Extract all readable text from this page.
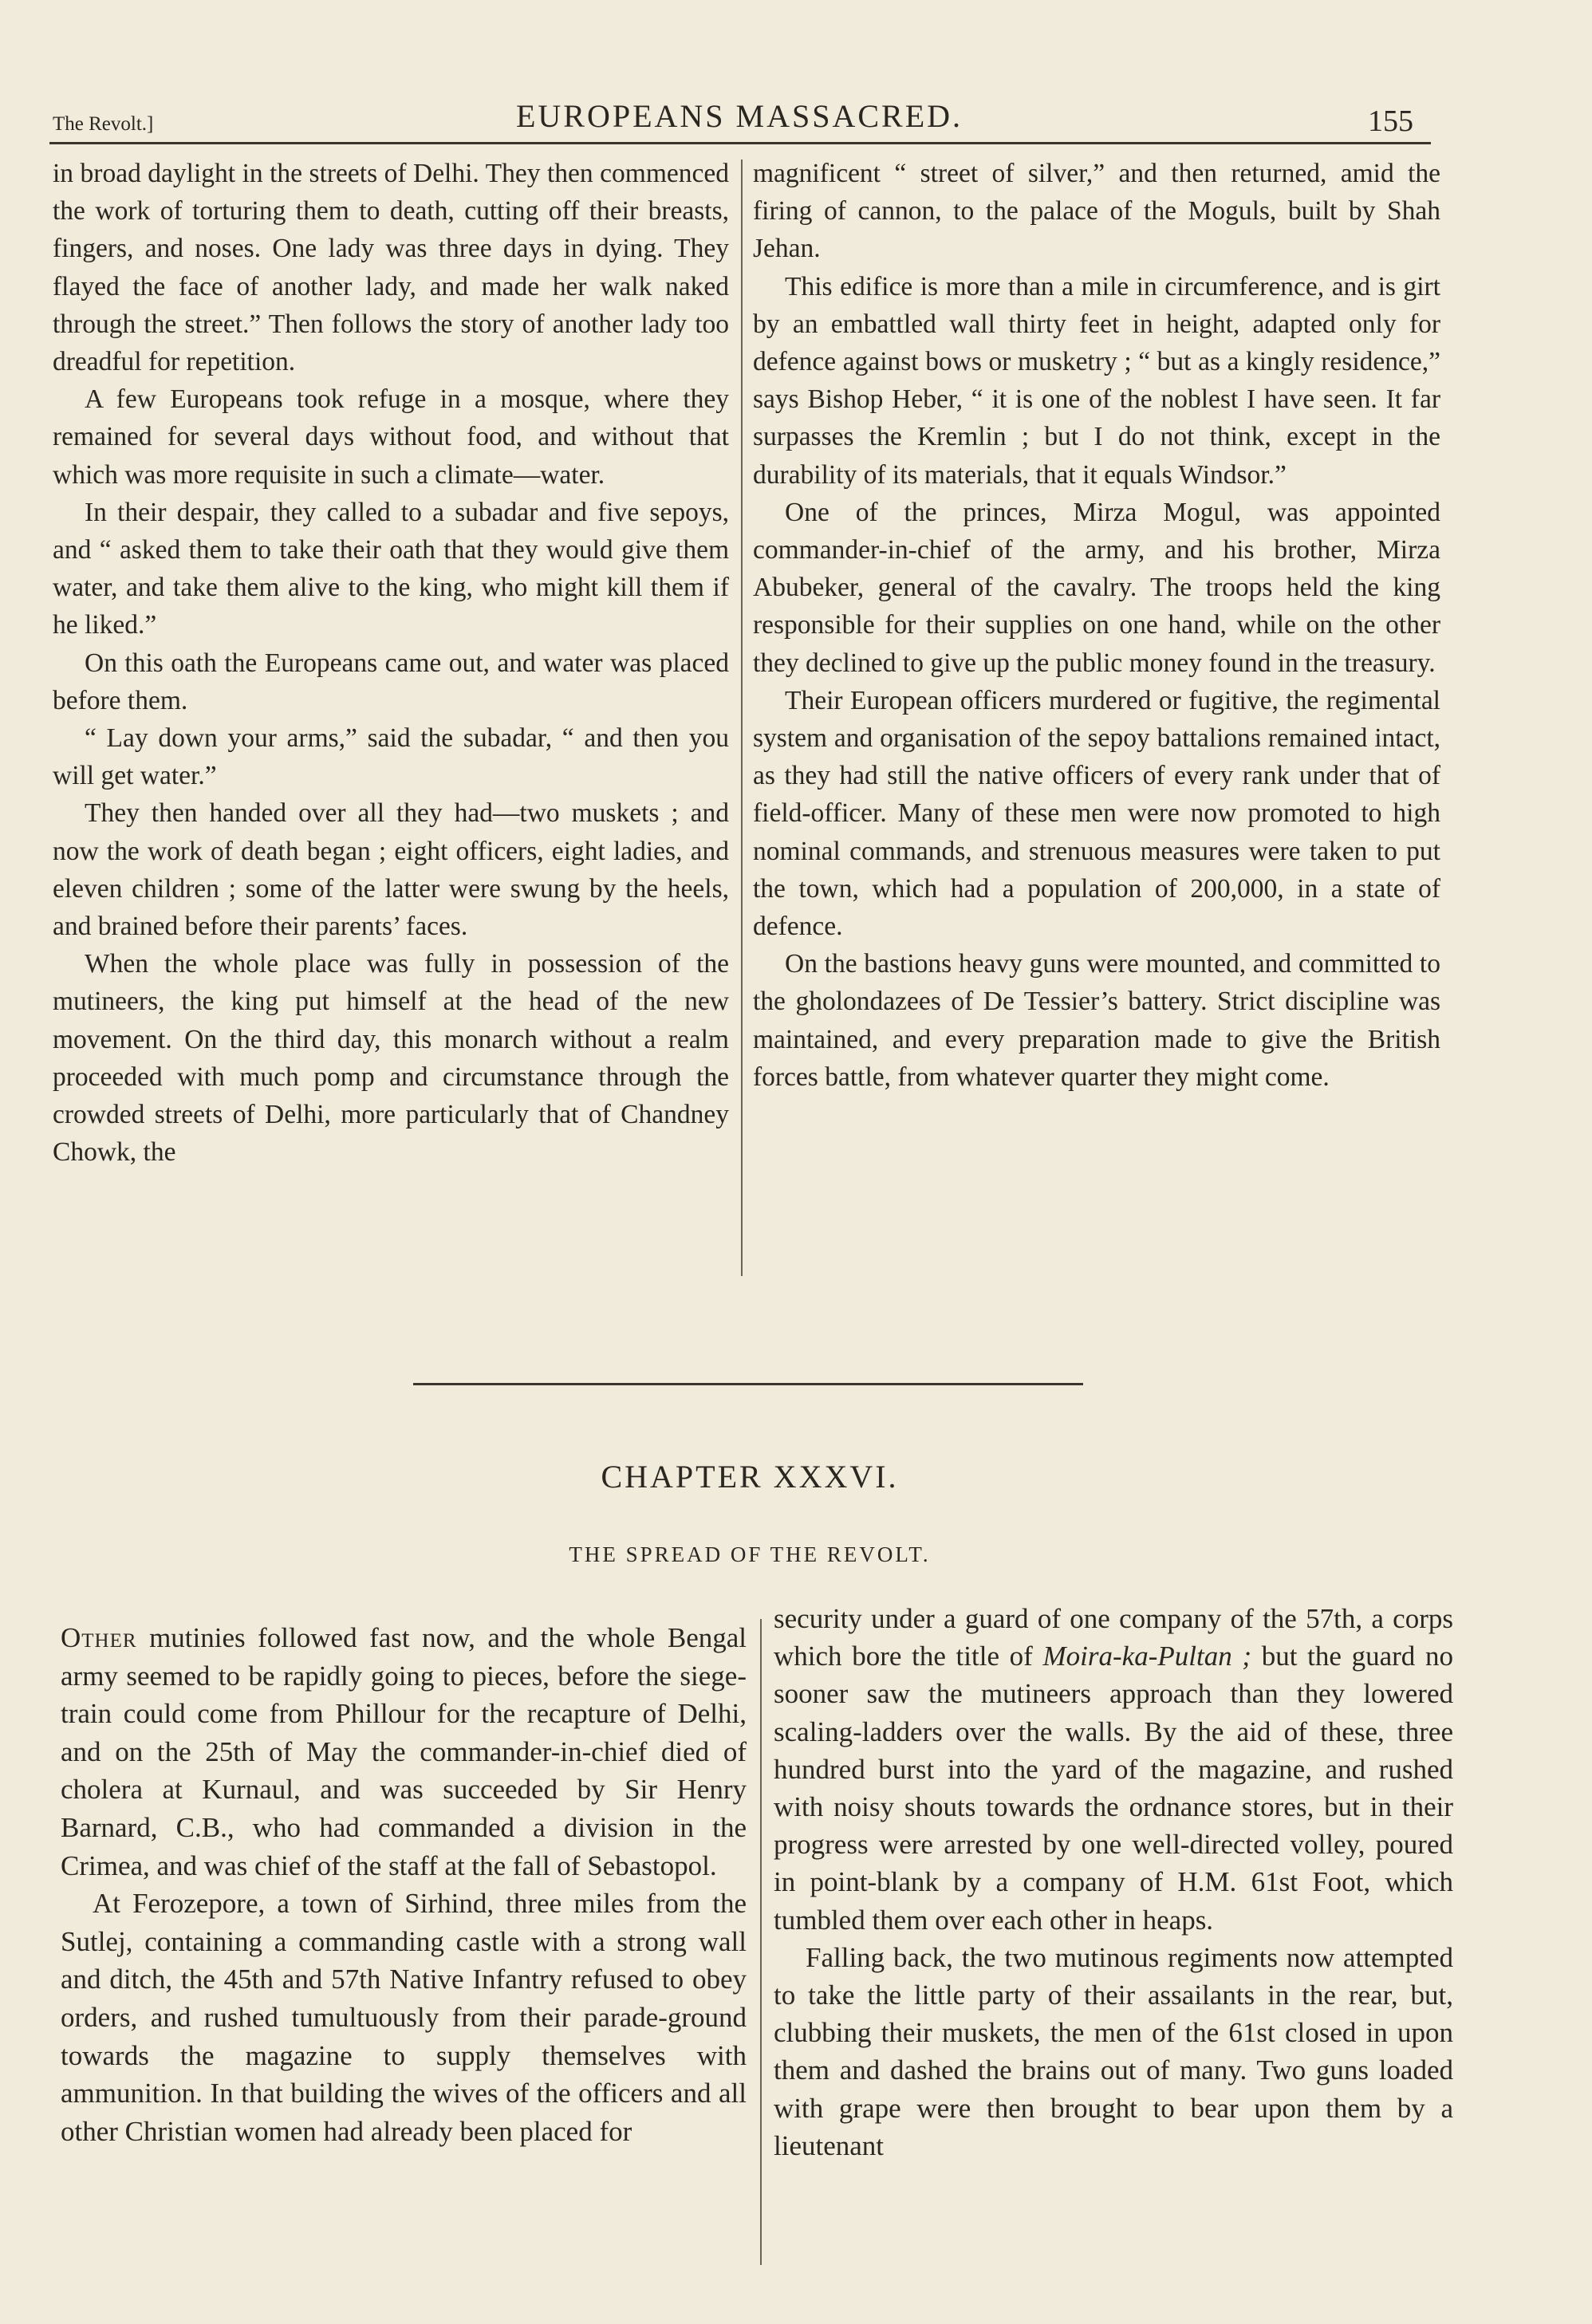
The Revolt.]	EUROPEANS MASSACRED.	155

in broad daylight in the streets of Delhi. They then commenced the work of torturing them to death, cutting off their breasts, fingers, and noses. One lady was three days in dying. They flayed the face of another lady, and made her walk naked through the street.” Then follows the story of another lady too dreadful for repetition.

A few Europeans took refuge in a mosque, where they remained for several days without food, and without that which was more requisite in such a climate—water.

In their despair, they called to a subadar and five sepoys, and “ asked them to take their oath that they would give them water, and take them alive to the king, who might kill them if he liked.”

On this oath the Europeans came out, and water was placed before them.

“ Lay down your arms,” said the subadar, “ and then you will get water.”

They then handed over all they had—two muskets ; and now the work of death began ; eight officers, eight ladies, and eleven children ; some of the latter were swung by the heels, and brained before their parents’ faces.

When the whole place was fully in possession of the mutineers, the king put himself at the head of the new movement. On the third day, this monarch without a realm proceeded with much pomp and circumstance through the crowded streets of Delhi, more particularly that of Chandney Chowk, the

magnificent “ street of silver,” and then returned, amid the firing of cannon, to the palace of the Moguls, built by Shah Jehan.

This edifice is more than a mile in circumference, and is girt by an embattled wall thirty feet in height, adapted only for defence against bows or musketry ; “ but as a kingly residence,” says Bishop Heber, “ it is one of the noblest I have seen. It far surpasses the Kremlin ; but I do not think, except in the durability of its materials, that it equals Windsor.”

One of the princes, Mirza Mogul, was appointed commander-in-chief of the army, and his brother, Mirza Abubeker, general of the cavalry. The troops held the king responsible for their supplies on one hand, while on the other they declined to give up the public money found in the treasury.

Their European officers murdered or fugitive, the regimental system and organisation of the sepoy battalions remained intact, as they had still the native officers of every rank under that of field-officer. Many of these men were now promoted to high nominal commands, and strenuous measures were taken to put the town, which had a population of 200,000, in a state of defence.

On the bastions heavy guns were mounted, and committed to the gholondazees of De Tessier’s battery. Strict discipline was maintained, and every preparation made to give the British forces battle, from whatever quarter they might come.

CHAPTER XXXVI.
THE SPREAD OF THE REVOLT.

Other mutinies followed fast now, and the whole Bengal army seemed to be rapidly going to pieces, before the siege-train could come from Phillour for the recapture of Delhi, and on the 25th of May the commander-in-chief died of cholera at Kurnaul, and was succeeded by Sir Henry Barnard, C.B., who had commanded a division in the Crimea, and was chief of the staff at the fall of Sebastopol.

At Ferozepore, a town of Sirhind, three miles from the Sutlej, containing a commanding castle with a strong wall and ditch, the 45th and 57th Native Infantry refused to obey orders, and rushed tumultuously from their parade-ground towards the magazine to supply themselves with ammunition. In that building the wives of the officers and all other Christian women had already been placed for

security under a guard of one company of the 57th, a corps which bore the title of Moira-ka-Pultan ; but the guard no sooner saw the mutineers approach than they lowered scaling-ladders over the walls. By the aid of these, three hundred burst into the yard of the magazine, and rushed with noisy shouts towards the ordnance stores, but in their progress were arrested by one well-directed volley, poured in point-blank by a company of H.M. 61st Foot, which tumbled them over each other in heaps.

Falling back, the two mutinous regiments now attempted to take the little party of their assailants in the rear, but, clubbing their muskets, the men of the 61st closed in upon them and dashed the brains out of many. Two guns loaded with grape were then brought to bear upon them by a lieutenant
